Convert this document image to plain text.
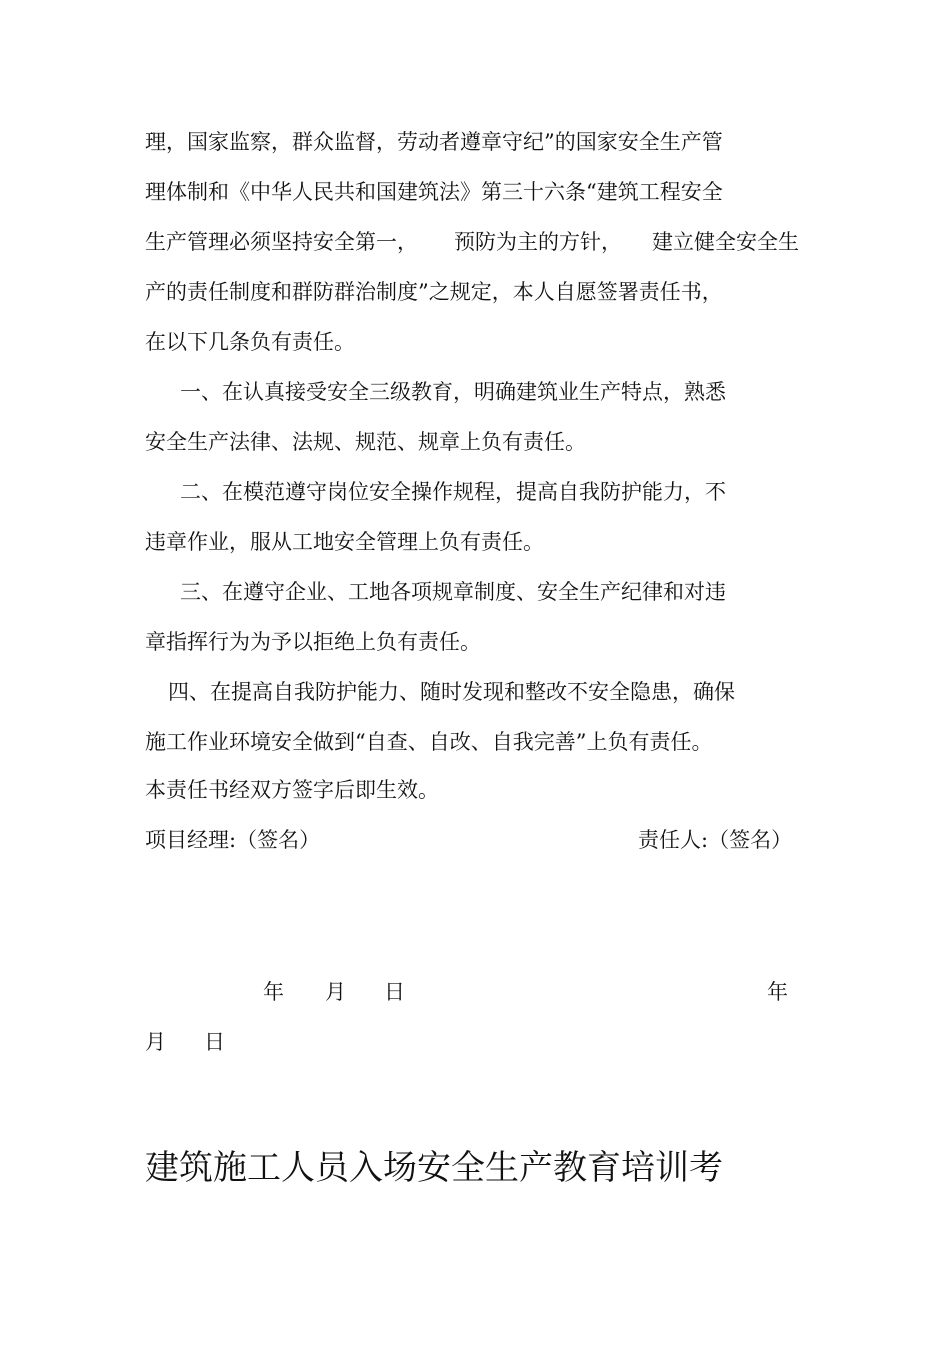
理，国家监察，群众监督，劳动者遵章守纪”的国家安全生产管
理体制和《中华人民共和国建筑法》第三十六条“建筑工程安全
生产管理必须坚持安全第一， 预防为主的方针， 建立健全安全生
产的责任制度和群防群治制度”之规定，本人自愿签署责任书，
在以下几条负有责任。
一、在认真接受安全三级教育，明确建筑业生产特点，熟悉
安全生产法律、法规、规范、规章上负有责任。
二、在模范遵守岗位安全操作规程，提高自我防护能力，不
违章作业，服从工地安全管理上负有责任。
三、在遵守企业、工地各项规章制度、安全生产纪律和对违
章指挥行为为予以拒绝上负有责任。
四、在提高自我防护能力、随时发现和整改不安全隐患，确保
施工作业环境安全做到“自查、自改、自我完善”上负有责任。
本责任书经双方签字后即生效。
项目经理:（签名）	责任人:（签名）
年 月 日	年
月 日
建筑施工人员入场安全生产教育培训考
